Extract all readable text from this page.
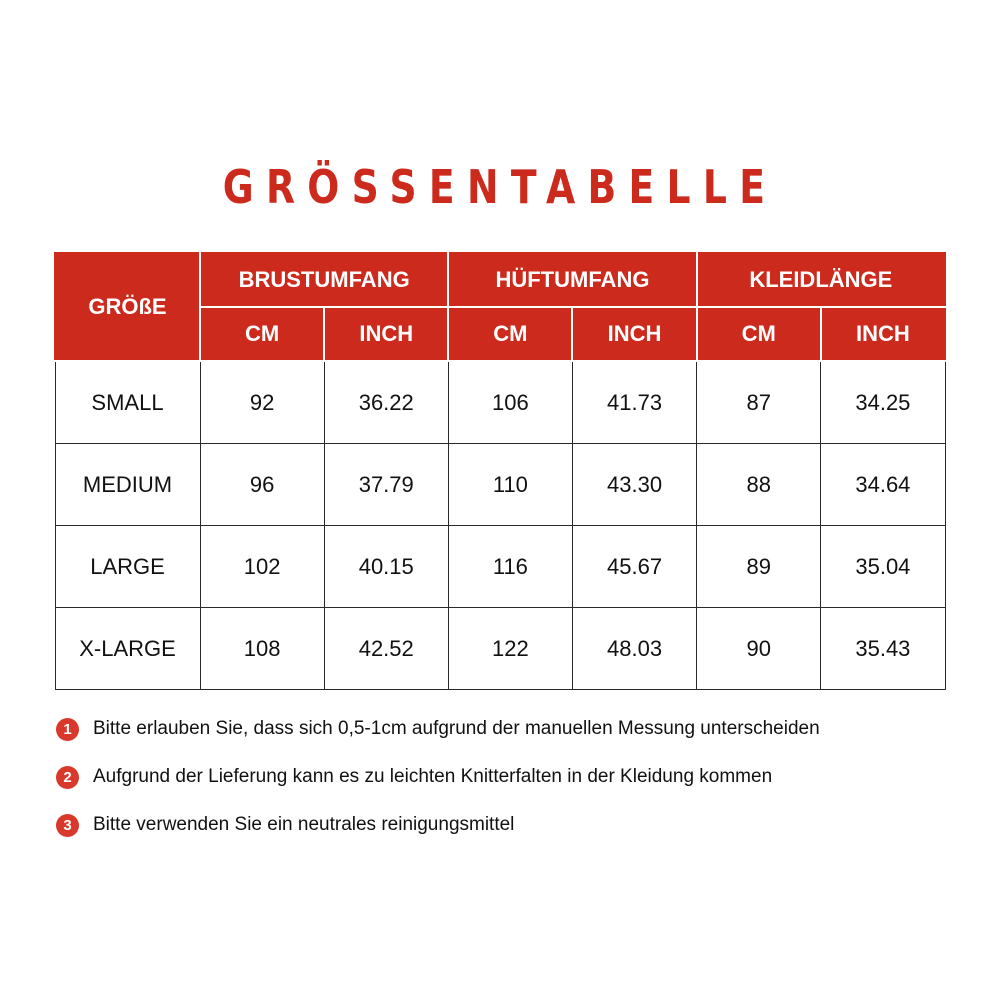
GRÖSSENTABELLE
GRÖßE	BRUSTUMFANG		HÜFTUMFANG		KLEIDLÄNGE	
	CM	INCH	CM	INCH	CM	INCH
SMALL	92	36.22	106	41.73	87	34.25
MEDIUM	96	37.79	110	43.30	88	34.64
LARGE	102	40.15	116	45.67	89	35.04
X-LARGE	108	42.52	122	48.03	90	35.43
1	Bitte erlauben Sie, dass sich 0,5-1cm aufgrund der manuellen Messung unterscheiden
2	Aufgrund der Lieferung kann es zu leichten Knitterfalten in der Kleidung kommen
3	Bitte verwenden Sie ein neutrales reinigungsmittel
